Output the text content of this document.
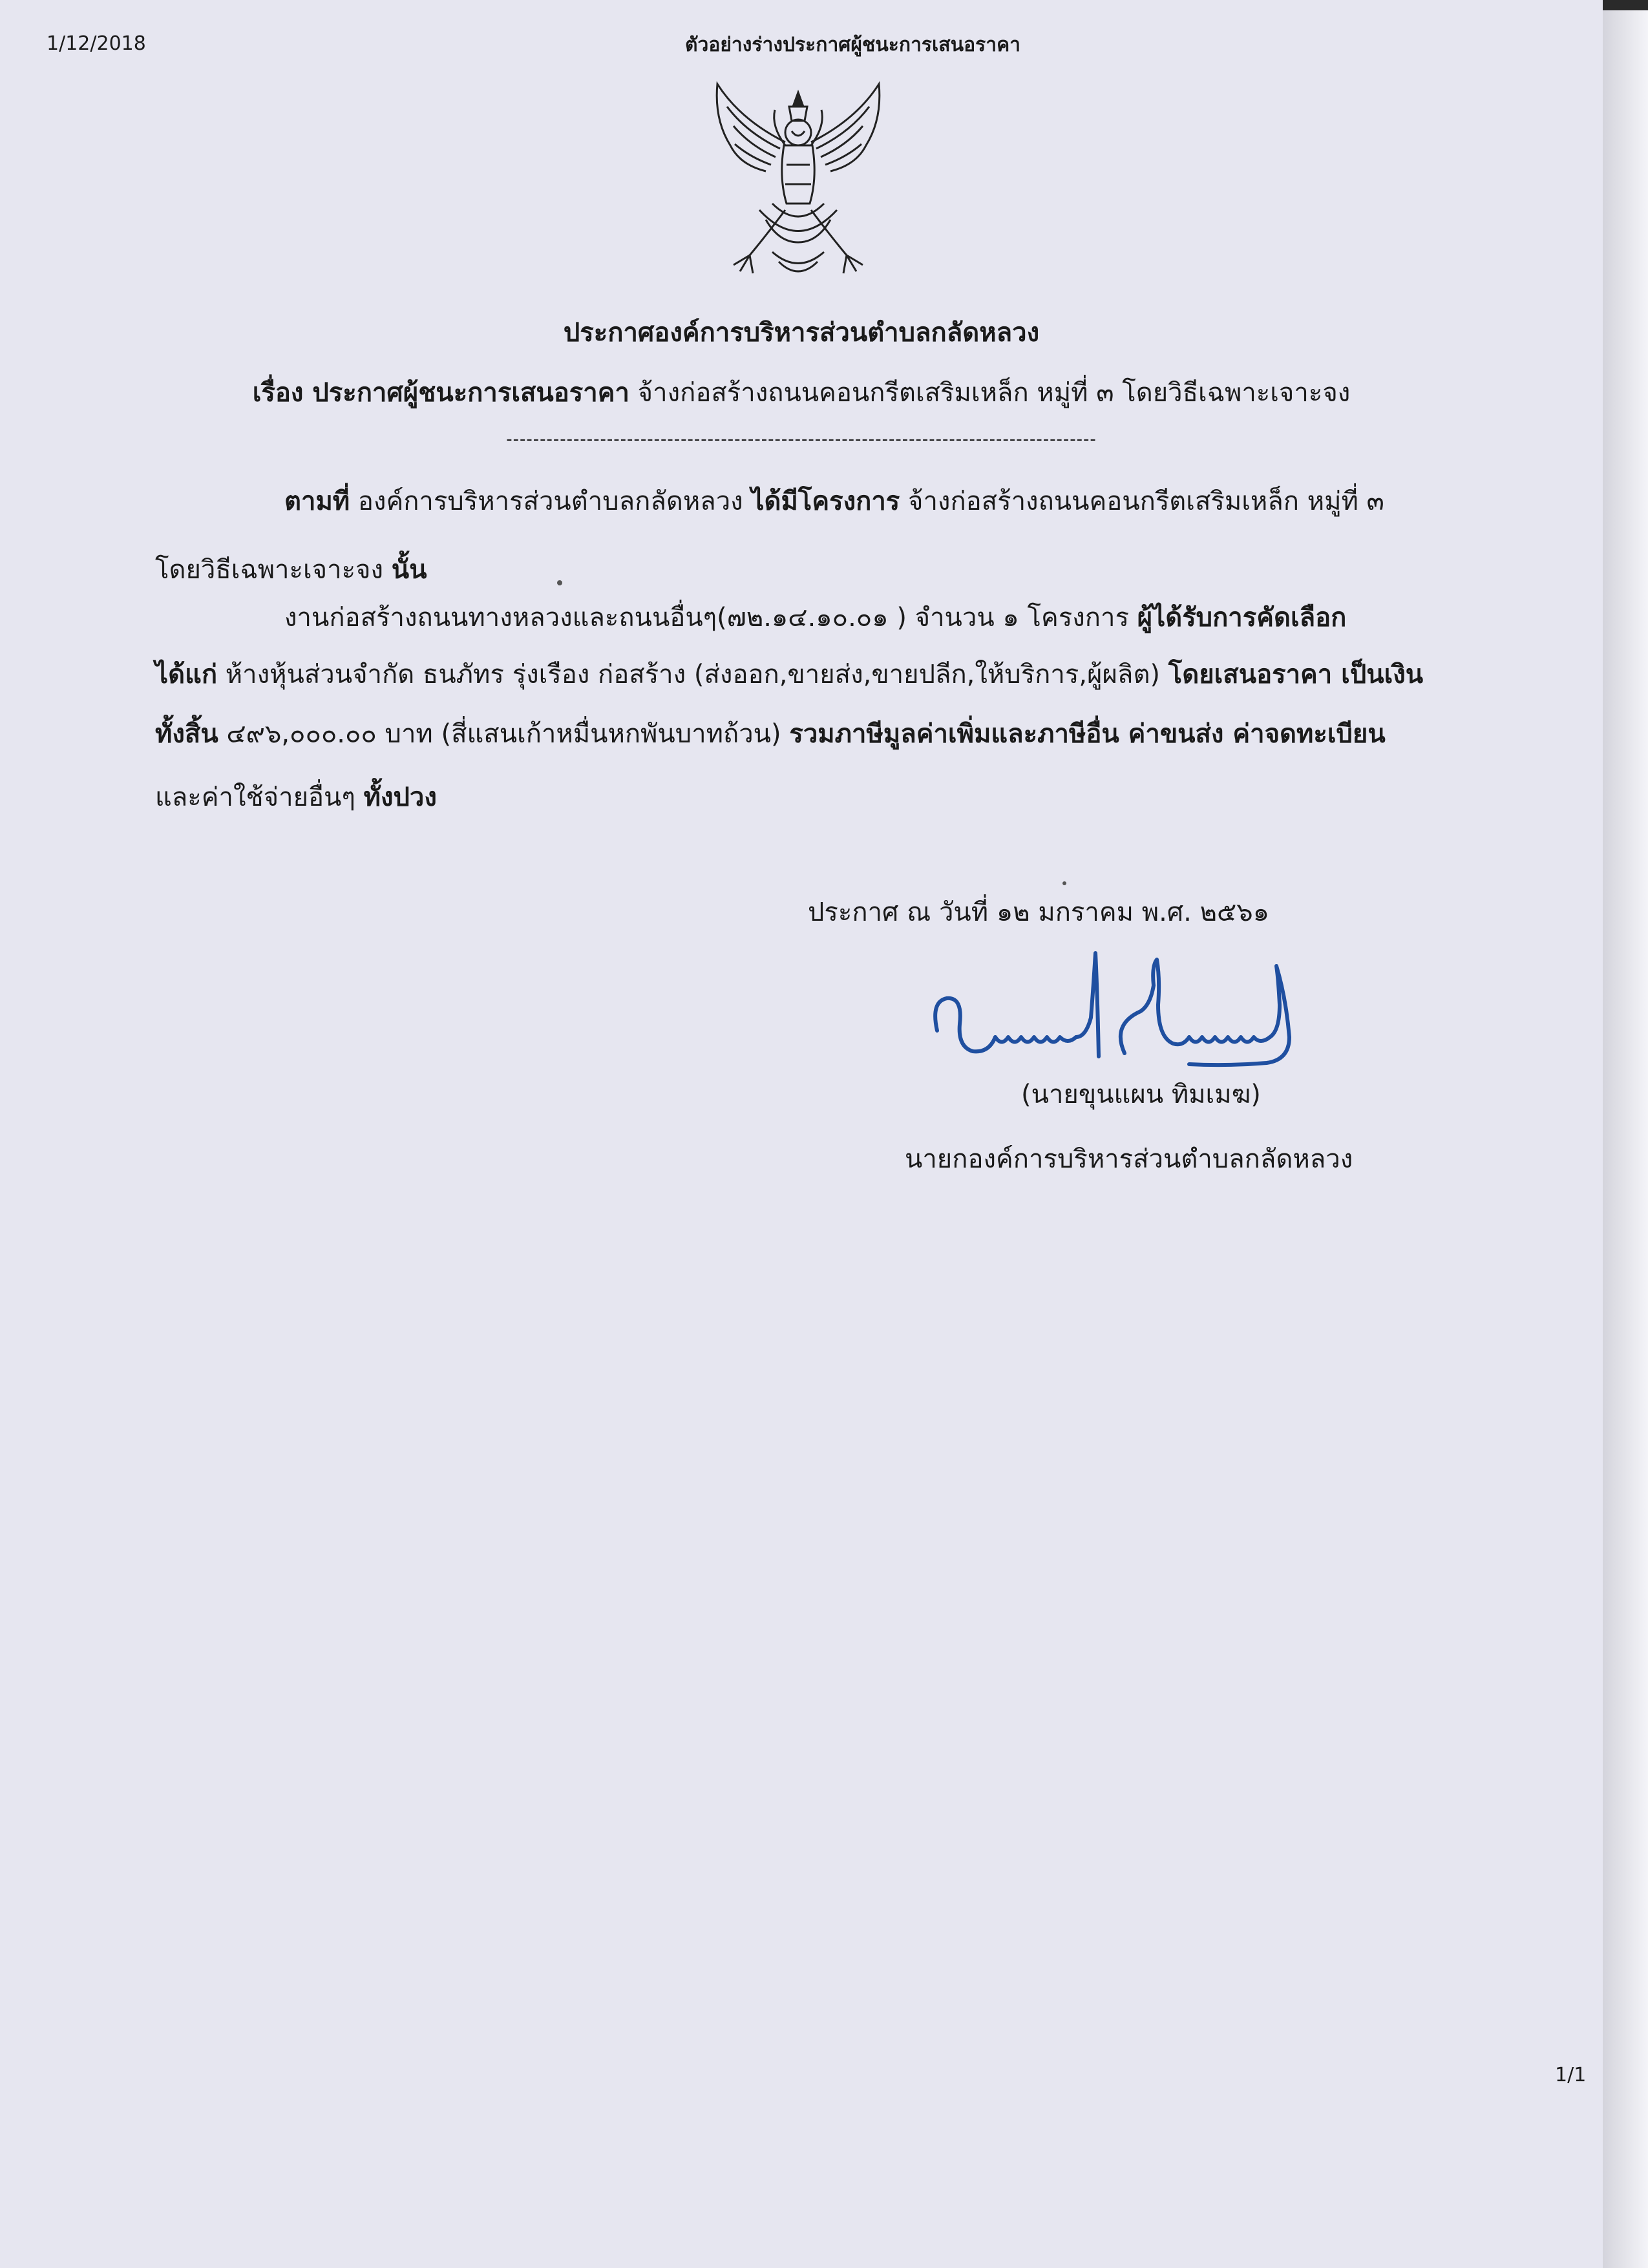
1/12/2018	ตัวอย่างร่างประกาศผู้ชนะการเสนอราคา
ประกาศองค์การบริหารส่วนตำบลกลัดหลวง
เรื่อง ประกาศผู้ชนะการเสนอราคา จ้างก่อสร้างถนนคอนกรีตเสริมเหล็ก หมู่ที่ ๓ โดยวิธีเฉพาะเจาะจง
----------------------------------------------------------------------------------------
ตามที่ องค์การบริหารส่วนตำบลกลัดหลวง ได้มีโครงการ จ้างก่อสร้างถนนคอนกรีตเสริมเหล็ก หมู่ที่ ๓
โดยวิธีเฉพาะเจาะจง นั้น
งานก่อสร้างถนนทางหลวงและถนนอื่นๆ(๗๒.๑๔.๑๐.๐๑ ) จำนวน ๑ โครงการ ผู้ได้รับการคัดเลือก
ได้แก่ ห้างหุ้นส่วนจำกัด ธนภัทร รุ่งเรือง ก่อสร้าง (ส่งออก,ขายส่ง,ขายปลีก,ให้บริการ,ผู้ผลิต) โดยเสนอราคา เป็นเงิน
ทั้งสิ้น ๔๙๖,๐๐๐.๐๐ บาท (สี่แสนเก้าหมื่นหกพันบาทถ้วน) รวมภาษีมูลค่าเพิ่มและภาษีอื่น ค่าขนส่ง ค่าจดทะเบียน
และค่าใช้จ่ายอื่นๆ ทั้งปวง
ประกาศ ณ วันที่ ๑๒ มกราคม พ.ศ. ๒๕๖๑
(นายขุนแผน ทิมเมฆ)
นายกองค์การบริหารส่วนตำบลกลัดหลวง
1/1
